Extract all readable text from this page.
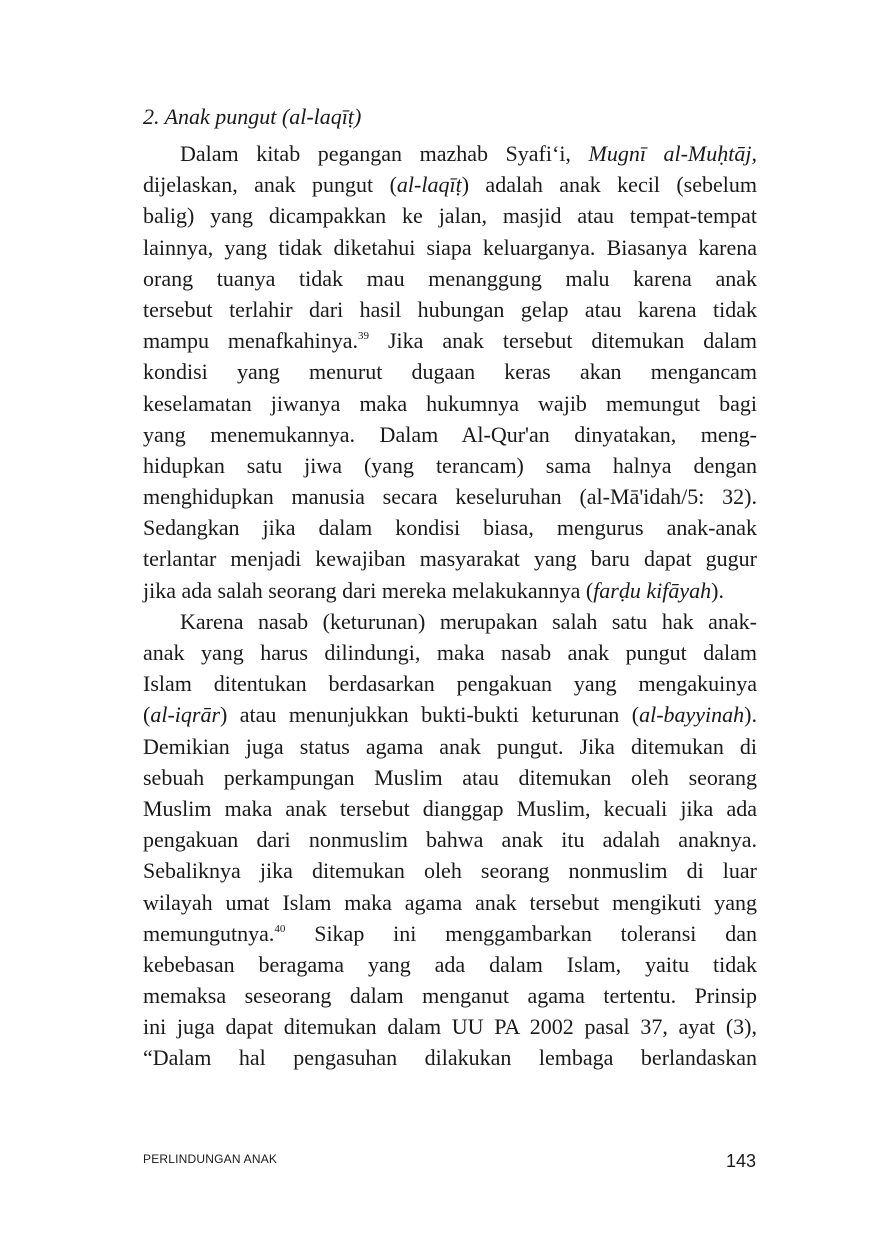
2. Anak pungut (al-laqīṭ)
Dalam kitab pegangan mazhab Syafi‘i, Mugnī al-Muḥtāj,
dijelaskan, anak pungut (al-laqīṭ) adalah anak kecil (sebelum
balig) yang dicampakkan ke jalan, masjid atau tempat-tempat
lainnya, yang tidak diketahui siapa keluarganya. Biasanya karena
orang tuanya tidak mau menanggung malu karena anak
tersebut terlahir dari hasil hubungan gelap atau karena tidak
mampu menafkahinya.$^{39}$ Jika anak tersebut ditemukan dalam
kondisi yang menurut dugaan keras akan mengancam
keselamatan jiwanya maka hukumnya wajib memungut bagi
yang menemukannya. Dalam Al-Qur'an dinyatakan, meng-
hidupkan satu jiwa (yang terancam) sama halnya dengan
menghidupkan manusia secara keseluruhan (al-Mā'idah/5: 32).
Sedangkan jika dalam kondisi biasa, mengurus anak-anak
terlantar menjadi kewajiban masyarakat yang baru dapat gugur
jika ada salah seorang dari mereka melakukannya (farḍu kifāyah).
Karena nasab (keturunan) merupakan salah satu hak anak-
anak yang harus dilindungi, maka nasab anak pungut dalam
Islam ditentukan berdasarkan pengakuan yang mengakuinya
(al-iqrār) atau menunjukkan bukti-bukti keturunan (al-bayyinah).
Demikian juga status agama anak pungut. Jika ditemukan di
sebuah perkampungan Muslim atau ditemukan oleh seorang
Muslim maka anak tersebut dianggap Muslim, kecuali jika ada
pengakuan dari nonmuslim bahwa anak itu adalah anaknya.
Sebaliknya jika ditemukan oleh seorang nonmuslim di luar
wilayah umat Islam maka agama anak tersebut mengikuti yang
memungutnya.$^{40}$ Sikap ini menggambarkan toleransi dan
kebebasan beragama yang ada dalam Islam, yaitu tidak
memaksa seseorang dalam menganut agama tertentu. Prinsip
ini juga dapat ditemukan dalam UU PA 2002 pasal 37, ayat (3),
“Dalam hal pengasuhan dilakukan lembaga berlandaskan
PERLINDUNGAN ANAK	143
